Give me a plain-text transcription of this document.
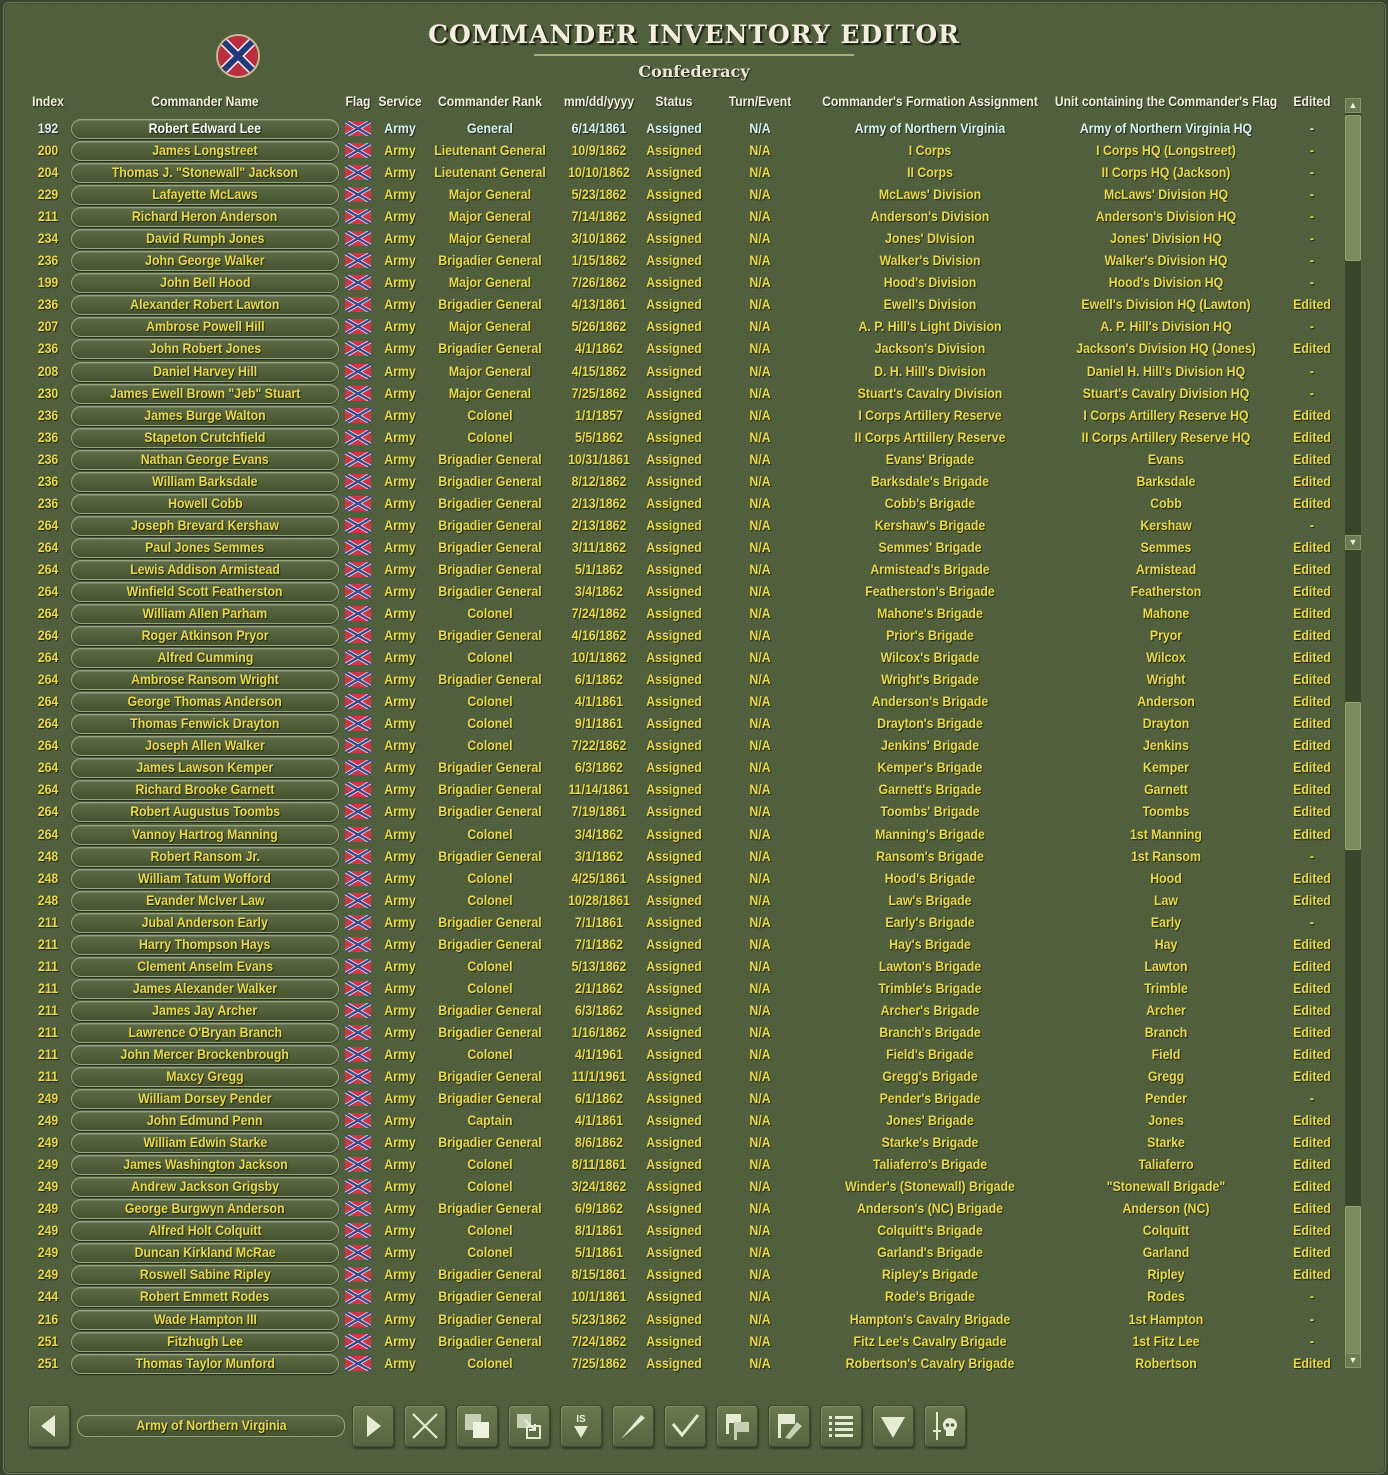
COMMANDER INVENTORY EDITOR
Confederacy
Index	Commander Name	Flag Service	Commander Rank	mm/dd/yyyy	Status	Turn/Event	Commander's Formation Assignment	Unit containing the Commander's Flag	Edited
192	Robert Edward Lee	Army	General	6/14/1861	Assigned	N/A	Army of Northern Virginia	Army of Northern Virginia HQ	-
200	James Longstreet	Army	Lieutenant General	10/9/1862	Assigned	N/A	I Corps	I Corps HQ (Longstreet)	-
204	Thomas J. "Stonewall" Jackson	Army	Lieutenant General	10/10/1862	Assigned	N/A	II Corps	II Corps HQ (Jackson)	-
229	Lafayette McLaws	Army	Major General	5/23/1862	Assigned	N/A	McLaws' Division	McLaws' Division HQ	-
211	Richard Heron Anderson	Army	Major General	7/14/1862	Assigned	N/A	Anderson's Division	Anderson's Division HQ	-
234	David Rumph Jones	Army	Major General	3/10/1862	Assigned	N/A	Jones' DIvision	Jones' Division HQ	-
236	John George Walker	Army	Brigadier General	1/15/1862	Assigned	N/A	Walker's Division	Walker's Division HQ	-
199	John Bell Hood	Army	Major General	7/26/1862	Assigned	N/A	Hood's Division	Hood's Division HQ	-
236	Alexander Robert Lawton	Army	Brigadier General	4/13/1861	Assigned	N/A	Ewell's Division	Ewell's Division HQ (Lawton)	Edited
207	Ambrose Powell Hill	Army	Major General	5/26/1862	Assigned	N/A	A. P. Hill's Light Division	A. P. Hill's Division HQ	-
236	John Robert Jones	Army	Brigadier General	4/1/1862	Assigned	N/A	Jackson's Division	Jackson's Division HQ (Jones)	Edited
208	Daniel Harvey Hill	Army	Major General	4/15/1862	Assigned	N/A	D. H. Hill's Division	Daniel H. Hill's Division HQ	-
230	James Ewell Brown "Jeb" Stuart	Army	Major General	7/25/1862	Assigned	N/A	Stuart's Cavalry Division	Stuart's Cavalry Division HQ	-
236	James Burge Walton	Army	Colonel	1/1/1857	Assigned	N/A	I Corps Artillery Reserve	I Corps Artillery Reserve HQ	Edited
236	Stapeton Crutchfield	Army	Colonel	5/5/1862	Assigned	N/A	II Corps Arttillery Reserve	II Corps Artillery Reserve HQ	Edited
236	Nathan George Evans	Army	Brigadier General	10/31/1861	Assigned	N/A	Evans' Brigade	Evans	Edited
236	William Barksdale	Army	Brigadier General	8/12/1862	Assigned	N/A	Barksdale's Brigade	Barksdale	Edited
236	Howell Cobb	Army	Brigadier General	2/13/1862	Assigned	N/A	Cobb's Brigade	Cobb	Edited
264	Joseph Brevard Kershaw	Army	Brigadier General	2/13/1862	Assigned	N/A	Kershaw's Brigade	Kershaw	-
264	Paul Jones Semmes	Army	Brigadier General	3/11/1862	Assigned	N/A	Semmes' Brigade	Semmes	Edited
264	Lewis Addison Armistead	Army	Brigadier General	5/1/1862	Assigned	N/A	Armistead's Brigade	Armistead	Edited
264	Winfield Scott Featherston	Army	Brigadier General	3/4/1862	Assigned	N/A	Featherston's Brigade	Featherston	Edited
264	William Allen Parham	Army	Colonel	7/24/1862	Assigned	N/A	Mahone's Brigade	Mahone	Edited
264	Roger Atkinson Pryor	Army	Brigadier General	4/16/1862	Assigned	N/A	Prior's Brigade	Pryor	Edited
264	Alfred Cumming	Army	Colonel	10/1/1862	Assigned	N/A	Wilcox's Brigade	Wilcox	Edited
264	Ambrose Ransom Wright	Army	Brigadier General	6/1/1862	Assigned	N/A	Wright's Brigade	Wright	Edited
264	George Thomas Anderson	Army	Colonel	4/1/1861	Assigned	N/A	Anderson's Brigade	Anderson	Edited
264	Thomas Fenwick Drayton	Army	Colonel	9/1/1861	Assigned	N/A	Drayton's Brigade	Drayton	Edited
264	Joseph Allen Walker	Army	Colonel	7/22/1862	Assigned	N/A	Jenkins' Brigade	Jenkins	Edited
264	James Lawson Kemper	Army	Brigadier General	6/3/1862	Assigned	N/A	Kemper's Brigade	Kemper	Edited
264	Richard Brooke Garnett	Army	Brigadier General	11/14/1861	Assigned	N/A	Garnett's Brigade	Garnett	Edited
264	Robert Augustus Toombs	Army	Brigadier General	7/19/1861	Assigned	N/A	Toombs' Brigade	Toombs	Edited
264	Vannoy Hartrog Manning	Army	Colonel	3/4/1862	Assigned	N/A	Manning's Brigade	1st Manning	Edited
248	Robert Ransom Jr.	Army	Brigadier General	3/1/1862	Assigned	N/A	Ransom's Brigade	1st Ransom	-
248	William Tatum Wofford	Army	Colonel	4/25/1861	Assigned	N/A	Hood's Brigade	Hood	Edited
248	Evander McIver Law	Army	Colonel	10/28/1861	Assigned	N/A	Law's Brigade	Law	Edited
211	Jubal Anderson Early	Army	Brigadier General	7/1/1861	Assigned	N/A	Early's Brigade	Early	-
211	Harry Thompson Hays	Army	Brigadier General	7/1/1862	Assigned	N/A	Hay's Brigade	Hay	Edited
211	Clement Anselm Evans	Army	Colonel	5/13/1862	Assigned	N/A	Lawton's Brigade	Lawton	Edited
211	James Alexander Walker	Army	Colonel	2/1/1862	Assigned	N/A	Trimble's Brigade	Trimble	Edited
211	James Jay Archer	Army	Brigadier General	6/3/1862	Assigned	N/A	Archer's Brigade	Archer	Edited
211	Lawrence O'Bryan Branch	Army	Brigadier General	1/16/1862	Assigned	N/A	Branch's Brigade	Branch	Edited
211	John Mercer Brockenbrough	Army	Colonel	4/1/1961	Assigned	N/A	Field's Brigade	Field	Edited
211	Maxcy Gregg	Army	Brigadier General	11/1/1961	Assigned	N/A	Gregg's Brigade	Gregg	Edited
249	William Dorsey Pender	Army	Brigadier General	6/1/1862	Assigned	N/A	Pender's Brigade	Pender	-
249	John Edmund Penn	Army	Captain	4/1/1861	Assigned	N/A	Jones' Brigade	Jones	Edited
249	William Edwin Starke	Army	Brigadier General	8/6/1862	Assigned	N/A	Starke's Brigade	Starke	Edited
249	James Washington Jackson	Army	Colonel	8/11/1861	Assigned	N/A	Taliaferro's Brigade	Taliaferro	Edited
249	Andrew Jackson Grigsby	Army	Colonel	3/24/1862	Assigned	N/A	Winder's (Stonewall) Brigade	"Stonewall Brigade"	Edited
249	George Burgwyn Anderson	Army	Brigadier General	6/9/1862	Assigned	N/A	Anderson's (NC) Brigade	Anderson (NC)	Edited
249	Alfred Holt Colquitt	Army	Colonel	8/1/1861	Assigned	N/A	Colquitt's Brigade	Colquitt	Edited
249	Duncan Kirkland McRae	Army	Colonel	5/1/1861	Assigned	N/A	Garland's Brigade	Garland	Edited
249	Roswell Sabine Ripley	Army	Brigadier General	8/15/1861	Assigned	N/A	Ripley's Brigade	Ripley	Edited
244	Robert Emmett Rodes	Army	Brigadier General	10/1/1861	Assigned	N/A	Rode's Brigade	Rodes	-
216	Wade Hampton III	Army	Brigadier General	5/23/1862	Assigned	N/A	Hampton's Cavalry Brigade	1st Hampton	-
251	Fitzhugh Lee	Army	Brigadier General	7/24/1862	Assigned	N/A	Fitz Lee's Cavalry Brigade	1st Fitz Lee	-
251	Thomas Taylor Munford	Army	Colonel	7/25/1862	Assigned	N/A	Robertson's Cavalry Brigade	Robertson	Edited
▲
▼
▼
Army of Northern Virginia	IS
